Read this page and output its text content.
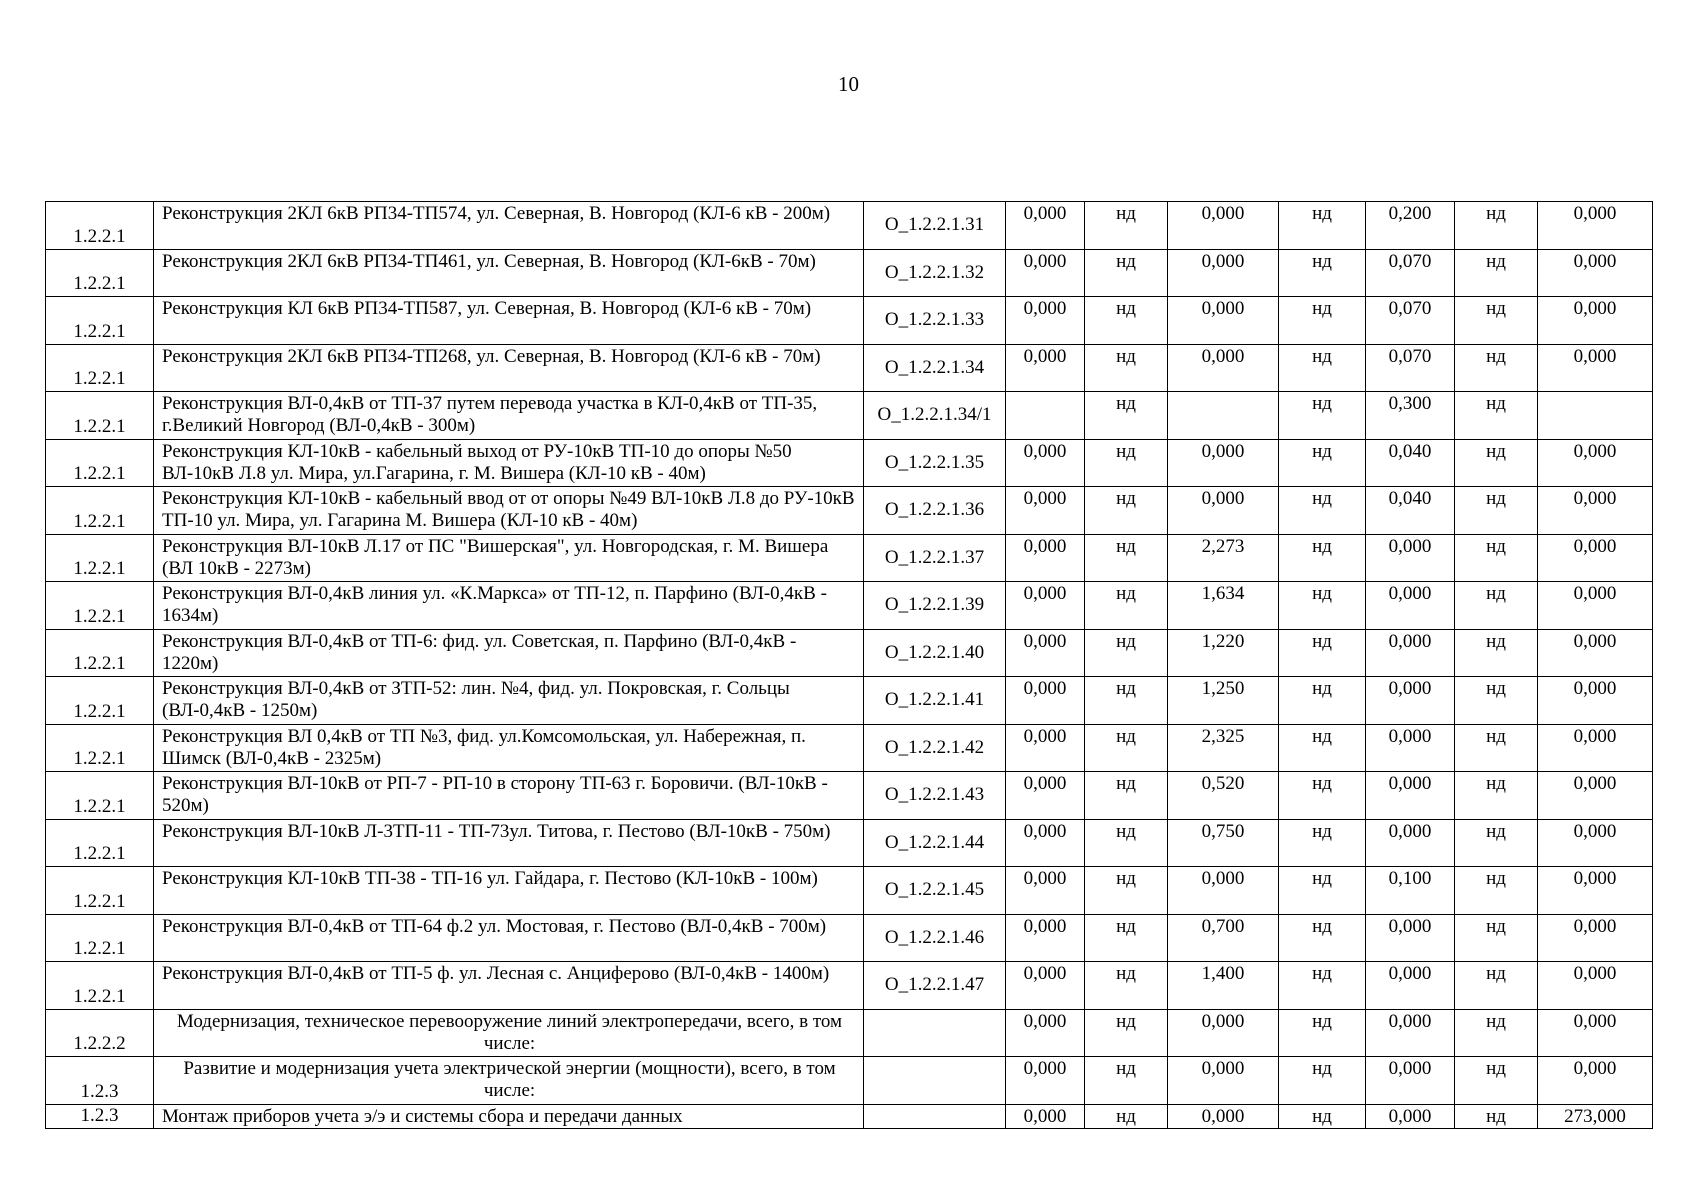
10
1.2.2.1	Реконструкция 2КЛ 6кВ РП34-ТП574, ул. Северная, В. Новгород (КЛ-6 кВ - 200м)	О_1.2.2.1.31	0,000	нд	0,000	нд	0,200	нд	0,000
1.2.2.1	Реконструкция 2КЛ 6кВ РП34-ТП461, ул. Северная, В. Новгород (КЛ-6кВ - 70м)	О_1.2.2.1.32	0,000	нд	0,000	нд	0,070	нд	0,000
1.2.2.1	Реконструкция КЛ 6кВ РП34-ТП587, ул. Северная, В. Новгород (КЛ-6 кВ - 70м)	О_1.2.2.1.33	0,000	нд	0,000	нд	0,070	нд	0,000
1.2.2.1	Реконструкция 2КЛ 6кВ РП34-ТП268, ул. Северная, В. Новгород (КЛ-6 кВ - 70м)	О_1.2.2.1.34	0,000	нд	0,000	нд	0,070	нд	0,000
1.2.2.1	Реконструкция ВЛ-0,4кВ от ТП-37 путем перевода участка в КЛ-0,4кВ от ТП-35, г.Великий Новгород (ВЛ-0,4кВ - 300м)	О_1.2.2.1.34/1		нд		нд	0,300	нд	
1.2.2.1	Реконструкция КЛ-10кВ - кабельный выход от РУ-10кВ ТП-10 до опоры №50 ВЛ-10кВ Л.8 ул. Мира, ул.Гагарина, г. М. Вишера (КЛ-10 кВ - 40м)	О_1.2.2.1.35	0,000	нд	0,000	нд	0,040	нд	0,000
1.2.2.1	Реконструкция КЛ-10кВ - кабельный ввод от от опоры №49 ВЛ-10кВ Л.8 до РУ-10кВ ТП-10 ул. Мира, ул. Гагарина М. Вишера (КЛ-10 кВ - 40м)	О_1.2.2.1.36	0,000	нд	0,000	нд	0,040	нд	0,000
1.2.2.1	Реконструкция ВЛ-10кВ Л.17 от ПС "Вишерская", ул. Новгородская, г. М. Вишера (ВЛ 10кВ - 2273м)	О_1.2.2.1.37	0,000	нд	2,273	нд	0,000	нд	0,000
1.2.2.1	Реконструкция ВЛ-0,4кВ линия ул. «К.Маркса» от ТП-12, п. Парфино (ВЛ-0,4кВ - 1634м)	О_1.2.2.1.39	0,000	нд	1,634	нд	0,000	нд	0,000
1.2.2.1	Реконструкция ВЛ-0,4кВ от ТП-6: фид. ул. Советская, п. Парфино (ВЛ-0,4кВ - 1220м)	О_1.2.2.1.40	0,000	нд	1,220	нд	0,000	нд	0,000
1.2.2.1	Реконструкция ВЛ-0,4кВ от ЗТП-52: лин. №4, фид. ул. Покровская, г. Сольцы (ВЛ-0,4кВ - 1250м)	О_1.2.2.1.41	0,000	нд	1,250	нд	0,000	нд	0,000
1.2.2.1	Реконструкция ВЛ 0,4кВ от ТП №3, фид. ул.Комсомольская, ул. Набережная, п. Шимск (ВЛ-0,4кВ - 2325м)	О_1.2.2.1.42	0,000	нд	2,325	нд	0,000	нд	0,000
1.2.2.1	Реконструкция ВЛ-10кВ от РП-7 - РП-10 в сторону ТП-63 г. Боровичи. (ВЛ-10кВ - 520м)	О_1.2.2.1.43	0,000	нд	0,520	нд	0,000	нд	0,000
1.2.2.1	Реконструкция ВЛ-10кВ Л-3ТП-11 - ТП-73ул. Титова, г. Пестово (ВЛ-10кВ - 750м)	О_1.2.2.1.44	0,000	нд	0,750	нд	0,000	нд	0,000
1.2.2.1	Реконструкция КЛ-10кВ ТП-38 - ТП-16 ул. Гайдара, г. Пестово (КЛ-10кВ - 100м)	О_1.2.2.1.45	0,000	нд	0,000	нд	0,100	нд	0,000
1.2.2.1	Реконструкция ВЛ-0,4кВ от ТП-64 ф.2 ул. Мостовая, г. Пестово (ВЛ-0,4кВ - 700м)	О_1.2.2.1.46	0,000	нд	0,700	нд	0,000	нд	0,000
1.2.2.1	Реконструкция ВЛ-0,4кВ от ТП-5 ф. ул. Лесная с. Анциферово (ВЛ-0,4кВ - 1400м)	О_1.2.2.1.47	0,000	нд	1,400	нд	0,000	нд	0,000
1.2.2.2	Модернизация, техническое перевооружение линий электропередачи, всего, в том числе:		0,000	нд	0,000	нд	0,000	нд	0,000
1.2.3	Развитие и модернизация учета электрической энергии (мощности), всего, в том числе:		0,000	нд	0,000	нд	0,000	нд	0,000
1.2.3	Монтаж приборов учета э/э и системы сбора и передачи данных		0,000	нд	0,000	нд	0,000	нд	273,000
